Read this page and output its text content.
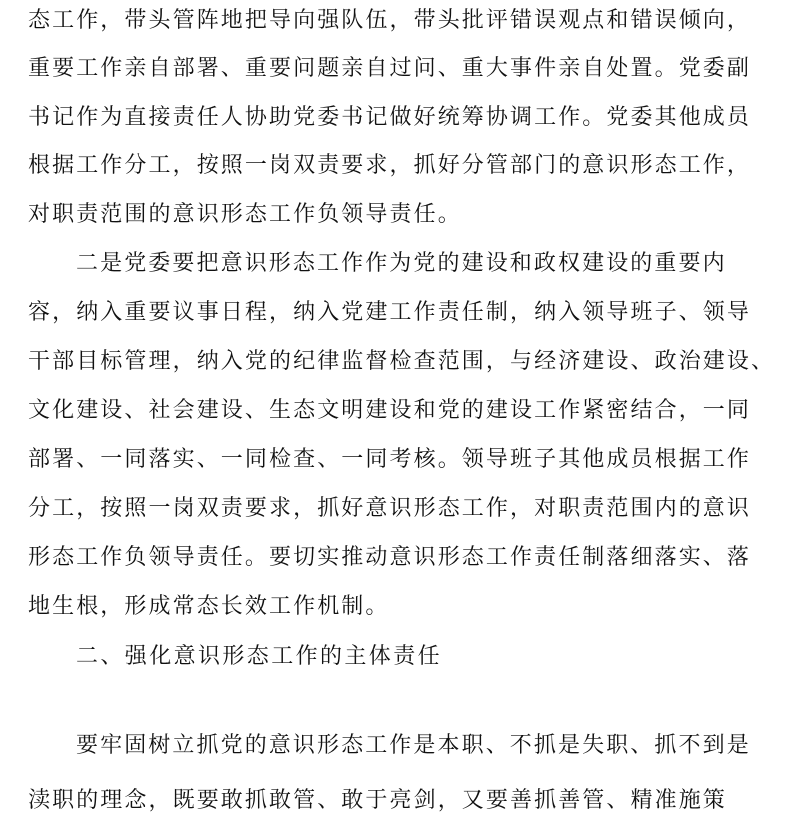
态工作，带头管阵地把导向强队伍，带头批评错误观点和错误倾向，
重要工作亲自部署、重要问题亲自过问、重大事件亲自处置。党委副
书记作为直接责任人协助党委书记做好统筹协调工作。党委其他成员
根据工作分工，按照一岗双责要求，抓好分管部门的意识形态工作，
对职责范围的意识形态工作负领导责任。
二是党委要把意识形态工作作为党的建设和政权建设的重要内
容，纳入重要议事日程，纳入党建工作责任制，纳入领导班子、领导
干部目标管理，纳入党的纪律监督检查范围，与经济建设、政治建设、
文化建设、社会建设、生态文明建设和党的建设工作紧密结合，一同
部署、一同落实、一同检查、一同考核。领导班子其他成员根据工作
分工，按照一岗双责要求，抓好意识形态工作，对职责范围内的意识
形态工作负领导责任。要切实推动意识形态工作责任制落细落实、落
地生根，形成常态长效工作机制。
二、强化意识形态工作的主体责任
要牢固树立抓党的意识形态工作是本职、不抓是失职、抓不到是
渎职的理念，既要敢抓敢管、敢于亮剑，又要善抓善管、精准施策
